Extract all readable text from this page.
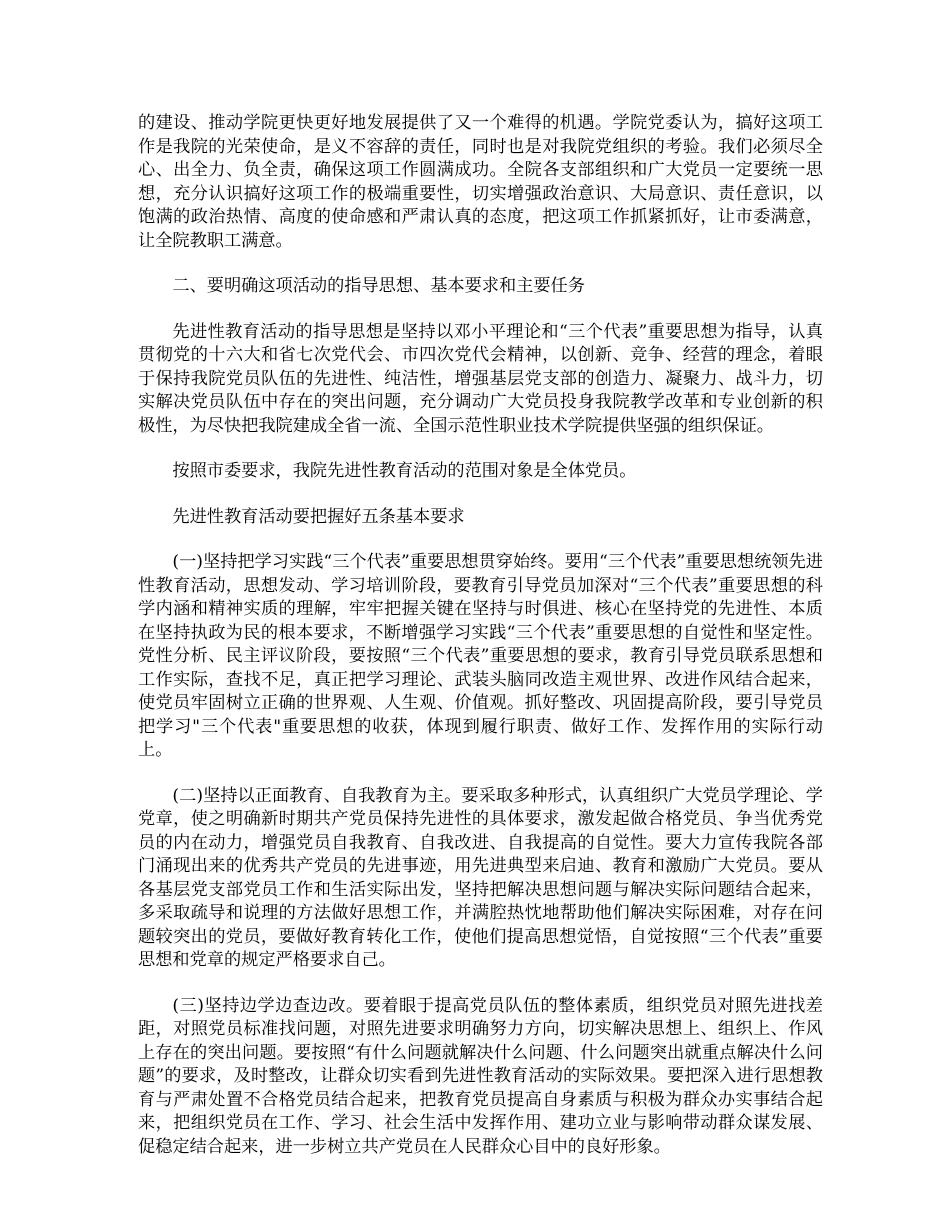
的建设、推动学院更快更好地发展提供了又一个难得的机遇。学院党委认为，搞好这项工作是我院的光荣使命，是义不容辞的责任，同时也是对我院党组织的考验。我们必须尽全心、出全力、负全责，确保这项工作圆满成功。全院各支部组织和广大党员一定要统一思想，充分认识搞好这项工作的极端重要性，切实增强政治意识、大局意识、责任意识，以饱满的政治热情、高度的使命感和严肃认真的态度，把这项工作抓紧抓好，让市委满意，让全院教职工满意。

二、要明确这项活动的指导思想、基本要求和主要任务

先进性教育活动的指导思想是坚持以邓小平理论和“三个代表”重要思想为指导，认真贯彻党的十六大和省七次党代会、市四次党代会精神，以创新、竞争、经营的理念，着眼于保持我院党员队伍的先进性、纯洁性，增强基层党支部的创造力、凝聚力、战斗力，切实解决党员队伍中存在的突出问题，充分调动广大党员投身我院教学改革和专业创新的积极性，为尽快把我院建成全省一流、全国示范性职业技术学院提供坚强的组织保证。

按照市委要求，我院先进性教育活动的范围对象是全体党员。

先进性教育活动要把握好五条基本要求

(一)坚持把学习实践“三个代表”重要思想贯穿始终。要用“三个代表”重要思想统领先进性教育活动，思想发动、学习培训阶段，要教育引导党员加深对“三个代表”重要思想的科学内涵和精神实质的理解，牢牢把握关键在坚持与时俱进、核心在坚持党的先进性、本质在坚持执政为民的根本要求，不断增强学习实践“三个代表”重要思想的自觉性和坚定性。党性分析、民主评议阶段，要按照“三个代表”重要思想的要求，教育引导党员联系思想和工作实际，查找不足，真正把学习理论、武装头脑同改造主观世界、改进作风结合起来，使党员牢固树立正确的世界观、人生观、价值观。抓好整改、巩固提高阶段，要引导党员把学习"三个代表"重要思想的收获，体现到履行职责、做好工作、发挥作用的实际行动上。

(二)坚持以正面教育、自我教育为主。要采取多种形式，认真组织广大党员学理论、学党章，使之明确新时期共产党员保持先进性的具体要求，激发起做合格党员、争当优秀党员的内在动力，增强党员自我教育、自我改进、自我提高的自觉性。要大力宣传我院各部门涌现出来的优秀共产党员的先进事迹，用先进典型来启迪、教育和激励广大党员。要从各基层党支部党员工作和生活实际出发，坚持把解决思想问题与解决实际问题结合起来，多采取疏导和说理的方法做好思想工作，并满腔热忱地帮助他们解决实际困难，对存在问题较突出的党员，要做好教育转化工作，使他们提高思想觉悟，自觉按照“三个代表”重要思想和党章的规定严格要求自己。

(三)坚持边学边查边改。要着眼于提高党员队伍的整体素质，组织党员对照先进找差距，对照党员标准找问题，对照先进要求明确努力方向，切实解决思想上、组织上、作风上存在的突出问题。要按照“有什么问题就解决什么问题、什么问题突出就重点解决什么问题”的要求，及时整改，让群众切实看到先进性教育活动的实际效果。要把深入进行思想教育与严肃处置不合格党员结合起来，把教育党员提高自身素质与积极为群众办实事结合起来，把组织党员在工作、学习、社会生活中发挥作用、建功立业与影响带动群众谋发展、促稳定结合起来，进一步树立共产党员在人民群众心目中的良好形象。
